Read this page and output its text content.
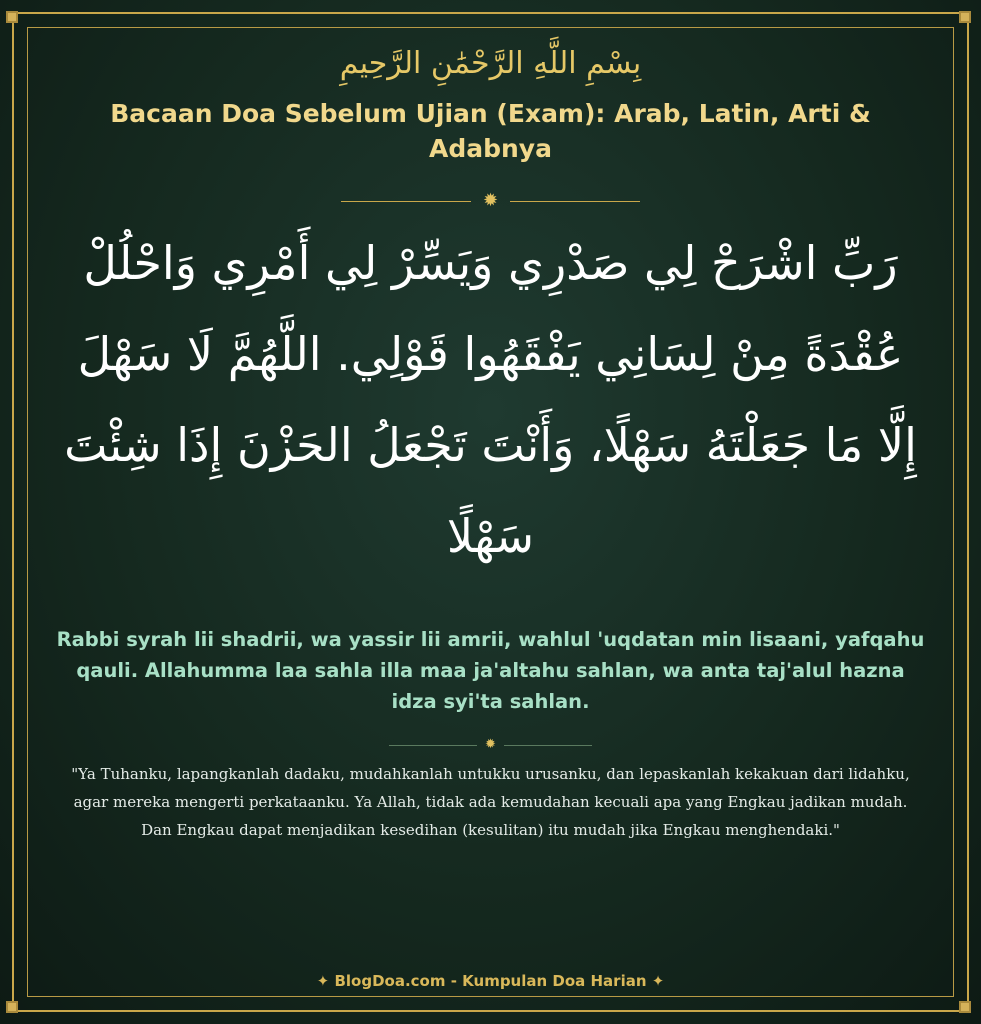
بِسْمِ اللَّهِ الرَّحْمَٰنِ الرَّحِيمِ
Bacaan Doa Sebelum Ujian (Exam): Arab, Latin, Arti & Adabnya
✹
رَبِّ اشْرَحْ لِي صَدْرِي وَيَسِّرْ لِي أَمْرِي وَاحْلُلْ عُقْدَةً مِنْ لِسَانِي يَفْقَهُوا قَوْلِي. اللَّهُمَّ لَا سَهْلَ إِلَّا مَا جَعَلْتَهُ سَهْلًا، وَأَنْتَ تَجْعَلُ الحَزْنَ إِذَا شِئْتَ سَهْلًا
Rabbi syrah lii shadrii, wa yassir lii amrii, wahlul 'uqdatan min lisaani, yafqahu qauli. Allahumma laa sahla illa maa ja'altahu sahlan, wa anta taj'alul hazna idza syi'ta sahlan.
✹
"Ya Tuhanku, lapangkanlah dadaku, mudahkanlah untukku urusanku, dan lepaskanlah kekakuan dari lidahku, agar mereka mengerti perkataanku. Ya Allah, tidak ada kemudahan kecuali apa yang Engkau jadikan mudah. Dan Engkau dapat menjadikan kesedihan (kesulitan) itu mudah jika Engkau menghendaki."
✦ BlogDoa.com - Kumpulan Doa Harian ✦
